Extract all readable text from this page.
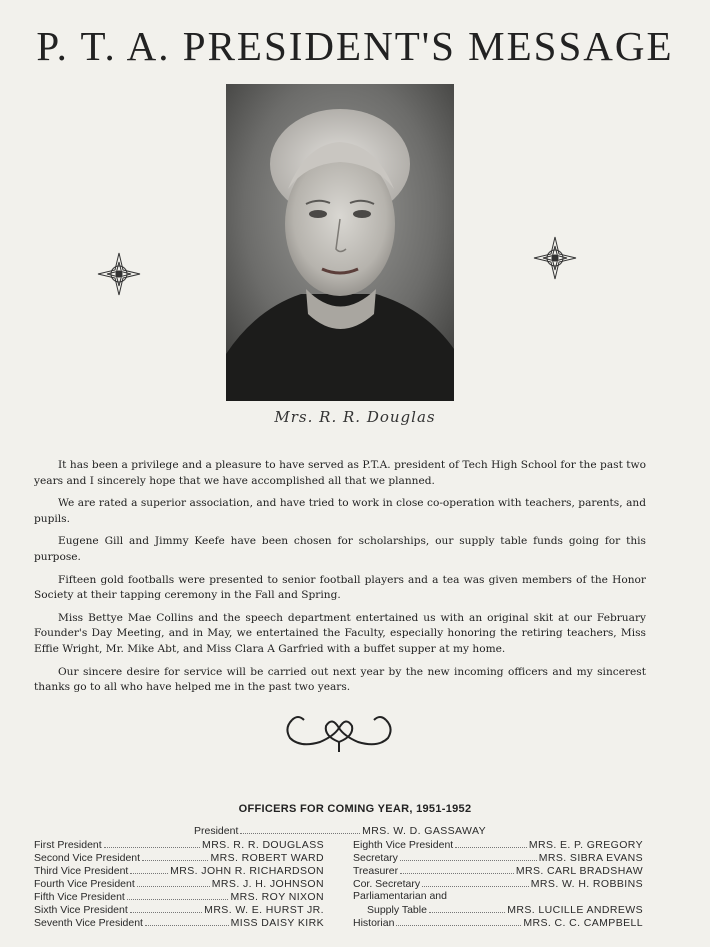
P. T. A. PRESIDENT'S MESSAGE
Mrs. R. R. Douglas

It has been a privilege and a pleasure to have served as P.T.A. president of Tech High School for the past two years and I sincerely hope that we have accomplished all that we planned.

We are rated a superior association, and have tried to work in close co-operation with teachers, parents, and pupils.

Eugene Gill and Jimmy Keefe have been chosen for scholarships, our supply table funds going for this purpose.

Fifteen gold footballs were presented to senior football players and a tea was given members of the Honor Society at their tapping ceremony in the Fall and Spring.

Miss Bettye Mae Collins and the speech department entertained us with an original skit at our February Founder's Day Meeting, and in May, we entertained the Faculty, especially honoring the retiring teachers, Miss Effie Wright, Mr. Mike Abt, and Miss Clara A Garfried with a buffet supper at my home.

Our sincere desire for service will be carried out next year by the new incoming officers and my sincerest thanks go to all who have helped me in the past two years.

OFFICERS FOR COMING YEAR, 1951-1952
President	MRS. W. D. GASSAWAY
First President	MRS. R. R. DOUGLASS
Second Vice President	MRS. ROBERT WARD
Third Vice President	MRS. JOHN R. RICHARDSON
Fourth Vice President	MRS. J. H. JOHNSON
Fifth Vice President	MRS. ROY NIXON
Sixth Vice President	MRS. W. E. HURST JR.
Seventh Vice President	MISS DAISY KIRK
Eighth Vice President	MRS. E. P. GREGORY
Secretary	MRS. SIBRA EVANS
Treasurer	MRS. CARL BRADSHAW
Cor. Secretary	MRS. W. H. ROBBINS
Parliamentarian and
Supply Table	MRS. LUCILLE ANDREWS
Historian	MRS. C. C. CAMPBELL
